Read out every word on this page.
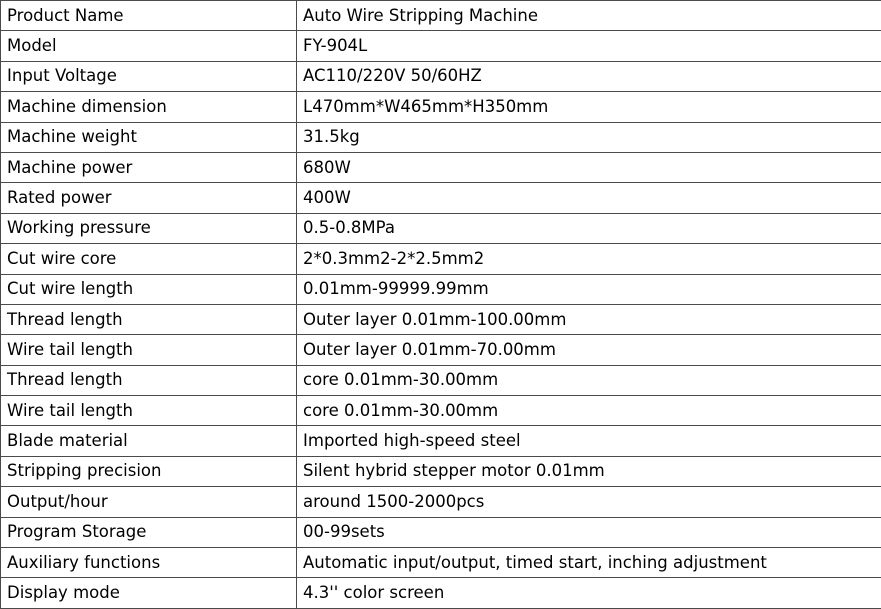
Product Name	Auto Wire Stripping Machine
Model	FY-904L
Input Voltage	AC110/220V 50/60HZ
Machine dimension	L470mm*W465mm*H350mm
Machine weight	31.5kg
Machine power	680W
Rated power	400W
Working pressure	0.5-0.8MPa
Cut wire core	2*0.3mm2-2*2.5mm2
Cut wire length	0.01mm-99999.99mm
Thread length	Outer layer 0.01mm-100.00mm
Wire tail length	Outer layer 0.01mm-70.00mm
Thread length	core 0.01mm-30.00mm
Wire tail length	core 0.01mm-30.00mm
Blade material	Imported high-speed steel
Stripping precision	Silent hybrid stepper motor 0.01mm
Output/hour	around 1500-2000pcs
Program Storage	00-99sets
Auxiliary functions	Automatic input/output, timed start, inching adjustment
Display mode	4.3'' color screen
